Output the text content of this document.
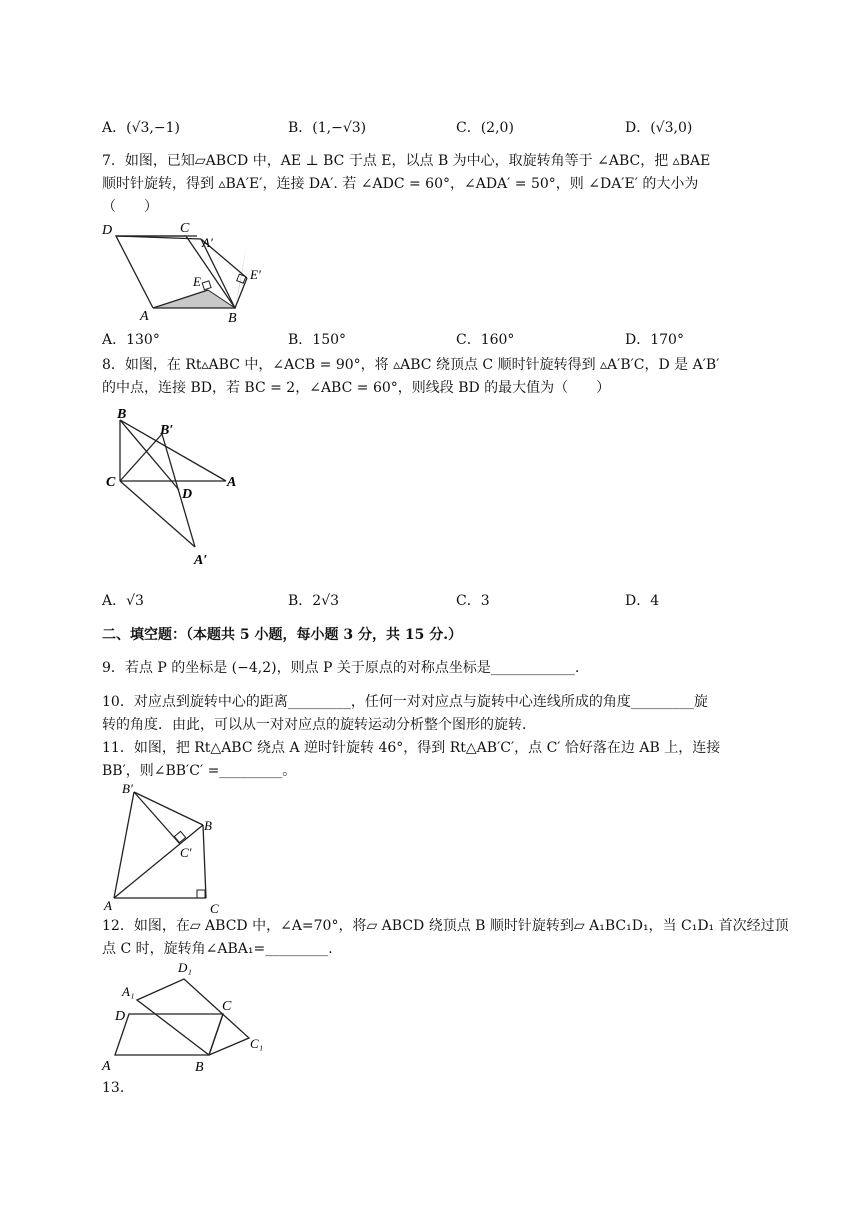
A．(√3,−1)	B．(1,−√3)	C．(2,0)	D．(√3,0)
7．如图，已知▱ABCD 中，AE ⊥ BC 于点 E，以点 B 为中心，取旋转角等于 ∠ABC，把 ▵BAE
顺时针旋转，得到 ▵BA′E′，连接 DA′. 若 ∠ADC = 60°，∠ADA′ = 50°，则 ∠DA′E′ 的大小为
（　　）
D	C
A′
E	E′
A	B
A．130°	B．150°	C．160°	D．170°
8．如图，在 Rt▵ABC 中，∠ACB = 90°，将 ▵ABC 绕顶点 C 顺时针旋转得到 ▵A′B′C，D 是 A′B′
的中点，连接 BD，若 BC = 2，∠ABC = 60°，则线段 BD 的最大值为（　　）
B
B′
C
D
A
A′
A．√3	B．2√3	C．3	D．4
二、填空题：（本题共 5 小题，每小题 3 分，共 15 分.）
9．若点 P 的坐标是 (−4,2)，则点 P 关于原点的对称点坐标是____________.
10．对应点到旋转中心的距离_________，任何一对对应点与旋转中心连线所成的角度_________旋
转的角度．由此，可以从一对对应点的旋转运动分析整个图形的旋转．
11．如图，把 Rt△ABC 绕点 A 逆时针旋转 46°，得到 Rt△AB′C′，点 C′ 恰好落在边 AB 上，连接
BB′，则∠BB′C′ =_________。
B′
B
C′
A	C
12．如图，在▱ ABCD 中，∠A=70°，将▱ ABCD 绕顶点 B 顺时针旋转到▱ A₁BC₁D₁，当 C₁D₁ 首次经过顶
点 C 时，旋转角∠ABA₁=_________.
D₁
A₁
C
D
C₁
A	B
13.
